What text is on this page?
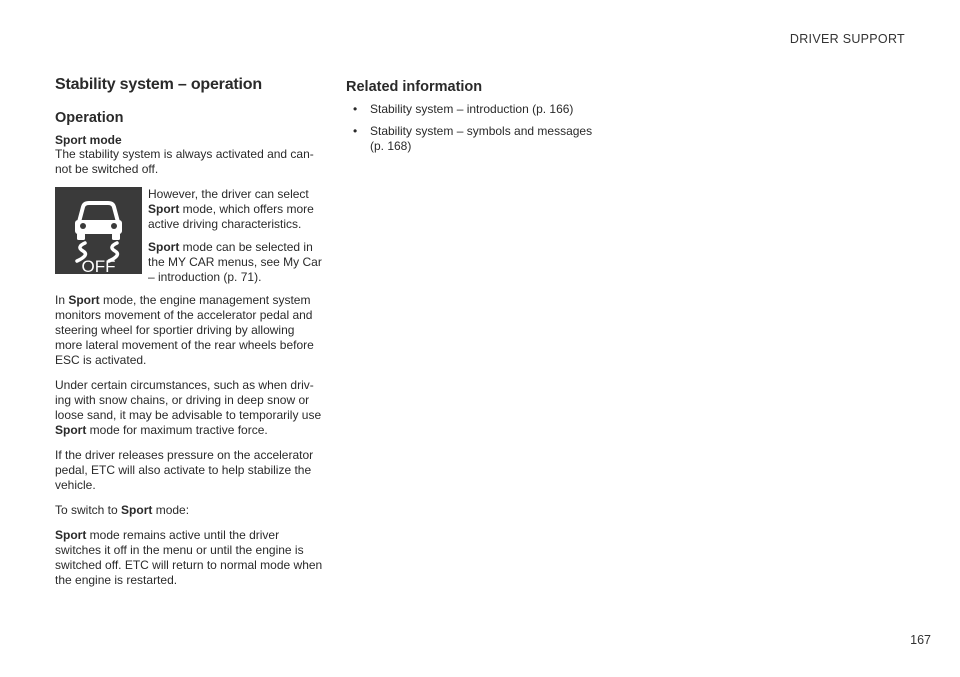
DRIVER SUPPORT
Stability system – operation
Operation
Sport mode

The stability system is always activated and can-not be switched off.

OFF

However, the driver can select Sport mode, which offers more active driving characteristics.

Sport mode can be selected in the MY CAR menus, see My Car – introduction (p. 71).

In Sport mode, the engine management system monitors movement of the accelerator pedal and steering wheel for sportier driving by allowing more lateral movement of the rear wheels before ESC is activated.

Under certain circumstances, such as when driv-ing with snow chains, or driving in deep snow or loose sand, it may be advisable to temporarily use Sport mode for maximum tractive force.

If the driver releases pressure on the accelerator pedal, ETC will also activate to help stabilize the vehicle.

To switch to Sport mode:

Sport mode remains active until the driver switches it off in the menu or until the engine is switched off. ETC will return to normal mode when the engine is restarted.

Related information
• Stability system – introduction (p. 166)
• Stability system – symbols and messages (p. 168)
167
